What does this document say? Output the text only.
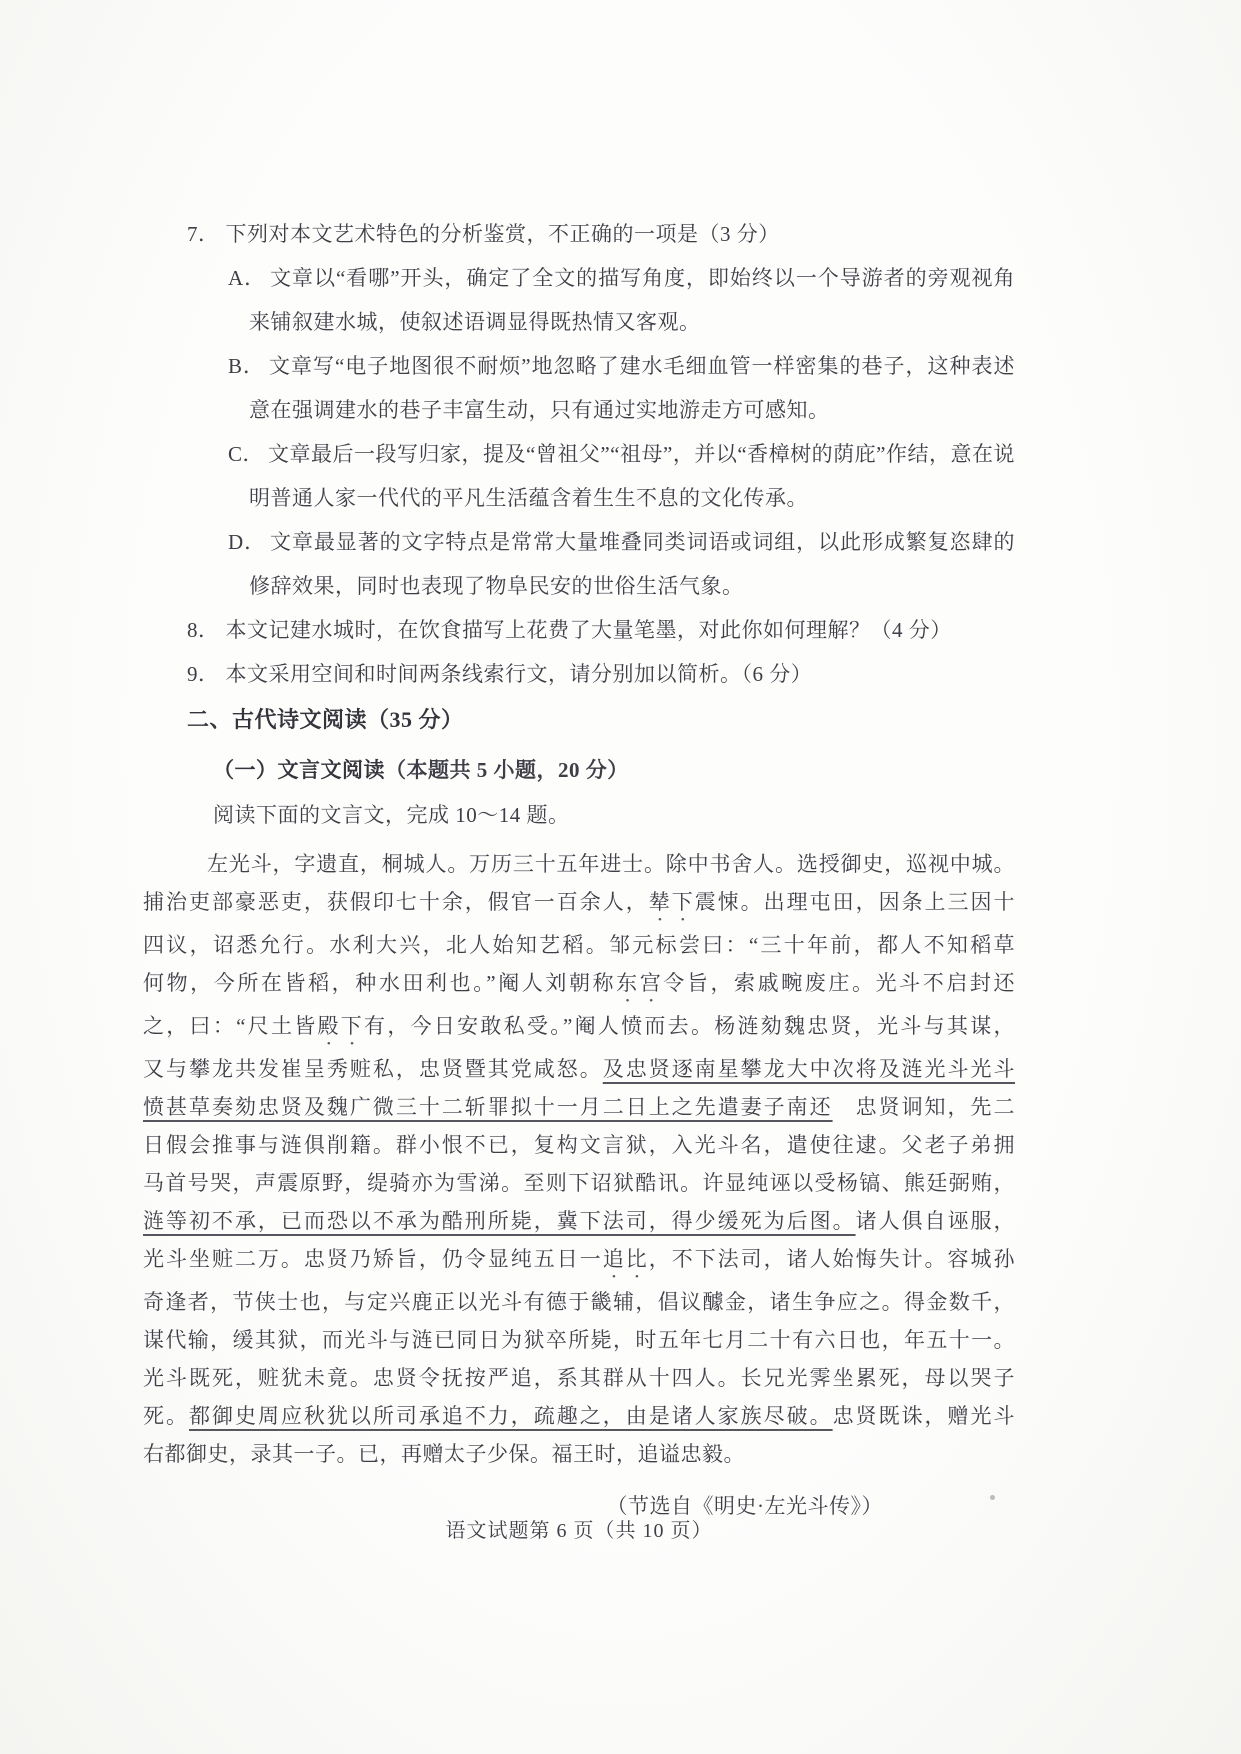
7． 下列对本文艺术特色的分析鉴赏，不正确的一项是（3 分）
A． 文章以“看哪”开头，确定了全文的描写角度，即始终以一个导游者的旁观视角来铺叙建水城，使叙述语调显得既热情又客观。
B． 文章写“电子地图很不耐烦”地忽略了建水毛细血管一样密集的巷子，这种表述意在强调建水的巷子丰富生动，只有通过实地游走方可感知。
C． 文章最后一段写归家，提及“曾祖父”“祖母”，并以“香樟树的荫庇”作结，意在说明普通人家一代代的平凡生活蕴含着生生不息的文化传承。
D． 文章最显著的文字特点是常常大量堆叠同类词语或词组，以此形成繁复恣肆的修辞效果，同时也表现了物阜民安的世俗生活气象。
8． 本文记建水城时，在饮食描写上花费了大量笔墨，对此你如何理解？（4 分）
9． 本文采用空间和时间两条线索行文，请分别加以简析。（6 分）
二、古代诗文阅读（35 分）
（一）文言文阅读（本题共 5 小题，20 分）

阅读下面的文言文，完成 10～14 题。

左光斗，字遗直，桐城人。万历三十五年进士。除中书舍人。选授御史，巡视中城。
捕治吏部豪恶吏，获假印七十余，假官一百余人，辇下震悚。出理屯田，因条上三因十
四议，诏悉允行。水利大兴，北人始知艺稻。邹元标尝曰：“三十年前，都人不知稻草
何物，今所在皆稻，种水田利也。”阉人刘朝称东宫令旨，索戚畹废庄。光斗不启封还
之，曰：“尺土皆殿下有，今日安敢私受。”阉人愤而去。杨涟劾魏忠贤，光斗与其谋，
又与攀龙共发崔呈秀赃私，忠贤暨其党咸怒。及忠贤逐南星攀龙大中次将及涟光斗光斗
愤甚草奏劾忠贤及魏广微三十二斩罪拟十一月二日上之先遣妻子南还　忠贤诇知，先二
日假会推事与涟俱削籍。群小恨不已，复构文言狱，入光斗名，遣使往逮。父老子弟拥
马首号哭，声震原野，缇骑亦为雪涕。至则下诏狱酷讯。许显纯诬以受杨镐、熊廷弼贿，
涟等初不承，已而恐以不承为酷刑所毙，冀下法司，得少缓死为后图。诸人俱自诬服，
光斗坐赃二万。忠贤乃矫旨，仍令显纯五日一追比，不下法司，诸人始悔失计。容城孙
奇逢者，节侠士也，与定兴鹿正以光斗有德于畿辅，倡议醵金，诸生争应之。得金数千，
谋代输，缓其狱，而光斗与涟已同日为狱卒所毙，时五年七月二十有六日也，年五十一。
光斗既死，赃犹未竟。忠贤令抚按严追，系其群从十四人。长兄光霁坐累死，母以哭子
死。都御史周应秋犹以所司承追不力，疏趣之，由是诸人家族尽破。忠贤既诛，赠光斗
右都御史，录其一子。已，再赠太子少保。福王时，追谥忠毅。
（节选自《明史·左光斗传》）
语文试题第 6 页（共 10 页）
